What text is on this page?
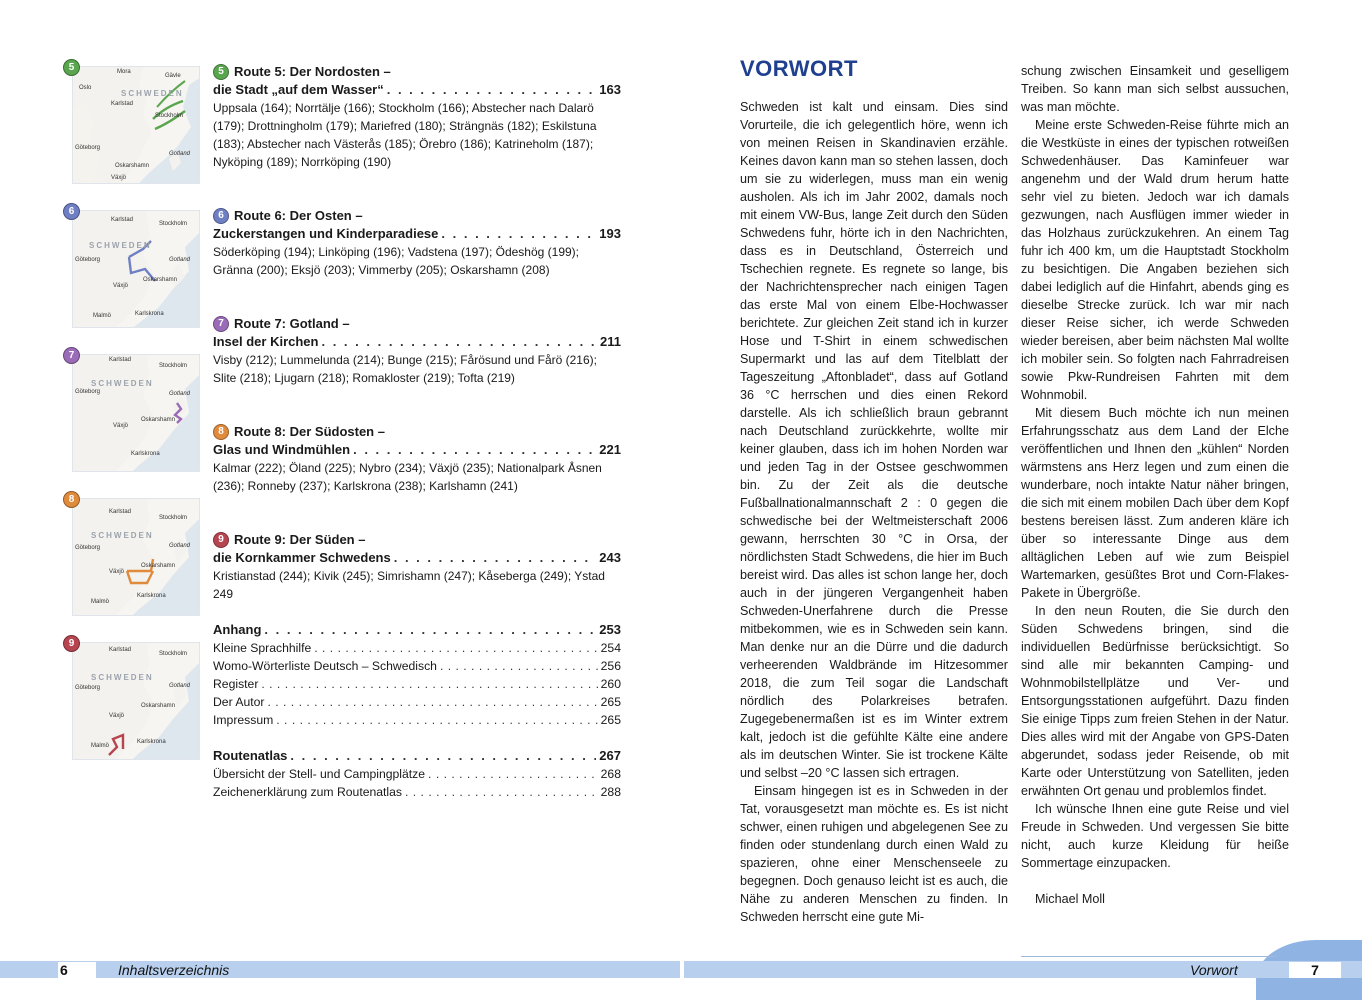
Mora
Gävle
Oslo
Karlstad
SCHWEDEN
Stockholm
Göteborg
Gotland
Oskarshamn
Växjö
5
Karlstad
Stockholm
SCHWEDEN
Göteborg	Gotland
Oskarshamn
Växjö
Malmö	Karlskrona
6
Karlstad
Stockholm
SCHWEDEN
Göteborg	Gotland
Oskarshamn
Växjö
Karlskrona
7
Karlstad
Stockholm
SCHWEDEN
Göteborg	Gotland
Oskarshamn
Växjö
Malmö
Karlskrona
8
Karlstad
Stockholm
SCHWEDEN
Göteborg	Gotland
Oskarshamn
Växjö
Malmö
Karlskrona
9
5 Route 5: Der Nordosten –
die Stadt „auf dem Wasser“ . . .	163
Uppsala (164); Norrtälje (166); Stockholm (166); Abstecher nach Dalarö (179); Drottningholm (179); Mariefred (180); Strängnäs (182); Eskilstuna (183); Abstecher nach Västerås (185); Örebro (186); Katrineholm (187); Nyköping (189); Norrköping (190)
6 Route 6: Der Osten –
Zuckerstangen und Kinderparadiese . . .	193
Söderköping (194); Linköping (196); Vadstena (197); Ödeshög (199); Gränna (200); Eksjö (203); Vimmerby (205); Oskarshamn (208)
7 Route 7: Gotland –
Insel der Kirchen . . .	211
Visby (212); Lummelunda (214); Bunge (215); Fårösund und Fårö (216); Slite (218); Ljugarn (218); Romakloster (219); Tofta (219)
8 Route 8: Der Südosten –
Glas und Windmühlen . . .	221
Kalmar (222); Öland (225); Nybro (234); Växjö (235); Nationalpark Åsnen (236); Ronneby (237); Karlskrona (238); Karlshamn (241)
9 Route 9: Der Süden –
die Kornkammer Schwedens . . .	243
Kristianstad (244); Kivik (245); Simrishamn (247); Kåseberga (249); Ystad 249
Anhang . . .	253
Kleine Sprachhilfe . . .	254
Womo-Wörterliste Deutsch – Schwedisch . . .	256
Register . . .	260
Der Autor . . .	265
Impressum . . .	265
Routenatlas . . .	267
Übersicht der Stell- und Campingplätze . . .	268
Zeichenerklärung zum Routenatlas . . .	288
VORWORT

Schweden ist kalt und einsam. Dies sind Vorurteile, die ich gelegentlich höre, wenn ich von meinen Reisen in Skandinavien erzähle. Keines davon kann man so stehen lassen, doch um sie zu widerlegen, muss man ein wenig ausholen. Als ich im Jahr 2002, damals noch mit einem VW-Bus, lange Zeit durch den Süden Schwedens fuhr, hörte ich in den Nachrichten, dass es in Deutschland, Österreich und Tschechien regnete. Es regnete so lange, bis der Nachrichtensprecher nach einigen Tagen das erste Mal von einem Elbe-Hochwasser berichtete. Zur gleichen Zeit stand ich in kurzer Hose und T-Shirt in einem schwedischen Supermarkt und las auf dem Titelblatt der Tageszeitung „Aftonbladet“, dass auf Gotland 36 °C herrschen und dies einen Rekord darstelle. Als ich schließlich braun gebrannt nach Deutschland zurückkehrte, wollte mir keiner glauben, dass ich im hohen Norden war und jeden Tag in der Ostsee geschwommen bin. Zu der Zeit als die deutsche Fußballnationalmannschaft 2 : 0 gegen die schwedische bei der Weltmeisterschaft 2006 gewann, herrschten 30 °C in Orsa, der nördlichsten Stadt Schwedens, die hier im Buch bereist wird. Das alles ist schon lange her, doch auch in der jüngeren Vergangenheit haben Schweden-Unerfahrene durch die Presse mitbekommen, wie es in Schweden sein kann. Man denke nur an die Dürre und die dadurch verheerenden Waldbrände im Hitzesommer 2018, die zum Teil sogar die Landschaft nördlich des Polarkreises betrafen. Zugegebenermaßen ist es im Winter extrem kalt, jedoch ist die gefühlte Kälte eine andere als im deutschen Winter. Sie ist trockene Kälte und selbst –20 °C lassen sich ertragen.

Einsam hingegen ist es in Schweden in der Tat, vorausgesetzt man möchte es. Es ist nicht schwer, einen ruhigen und abgelegenen See zu finden oder stundenlang durch einen Wald zu spazieren, ohne einer Menschenseele zu begegnen. Doch genauso leicht ist es auch, die Nähe zu anderen Menschen zu finden. In Schweden herrscht eine gute Mi-

schung zwischen Einsamkeit und geselligem Treiben. So kann man sich selbst aussuchen, was man möchte.

Meine erste Schweden-Reise führte mich an die Westküste in eines der typischen rotweißen Schwedenhäuser. Das Kaminfeuer war angenehm und der Wald drum herum hatte sehr viel zu bieten. Jedoch war ich damals gezwungen, nach Ausflügen immer wieder in das Holzhaus zurückzukehren. An einem Tag fuhr ich 400 km, um die Hauptstadt Stockholm zu besichtigen. Die Angaben beziehen sich dabei lediglich auf die Hinfahrt, abends ging es dieselbe Strecke zurück. Ich war mir nach dieser Reise sicher, ich werde Schweden wieder bereisen, aber beim nächsten Mal wollte ich mobiler sein. So folgten nach Fahrradreisen sowie Pkw-Rundreisen Fahrten mit dem Wohnmobil.

Mit diesem Buch möchte ich nun meinen Erfahrungsschatz aus dem Land der Elche veröffentlichen und Ihnen den „kühlen“ Norden wärmstens ans Herz legen und zum einen die wunderbare, noch intakte Natur näher bringen, die sich mit einem mobilen Dach über dem Kopf bestens bereisen lässt. Zum anderen kläre ich über so interessante Dinge aus dem alltäglichen Leben auf wie zum Beispiel Wartemarken, gesüßtes Brot und Corn-Flakes-Pakete in Übergröße.

In den neun Routen, die Sie durch den Süden Schwedens bringen, sind die individuellen Bedürfnisse berücksichtigt. So sind alle mir bekannten Camping- und Wohnmobilstellplätze und Ver- und Entsorgungsstationen aufgeführt. Dazu finden Sie einige Tipps zum freien Stehen in der Natur. Dies alles wird mit der Angabe von GPS-Daten abgerundet, sodass jeder Reisende, ob mit Karte oder Unterstützung von Satelliten, jeden erwähnten Ort genau und problemlos findet.

Ich wünsche Ihnen eine gute Reise und viel Freude in Schweden. Und vergessen Sie bitte nicht, auch kurze Kleidung für heiße Sommertage einzupacken.

Michael Moll

6	Inhaltsverzeichnis	Vorwort	7
